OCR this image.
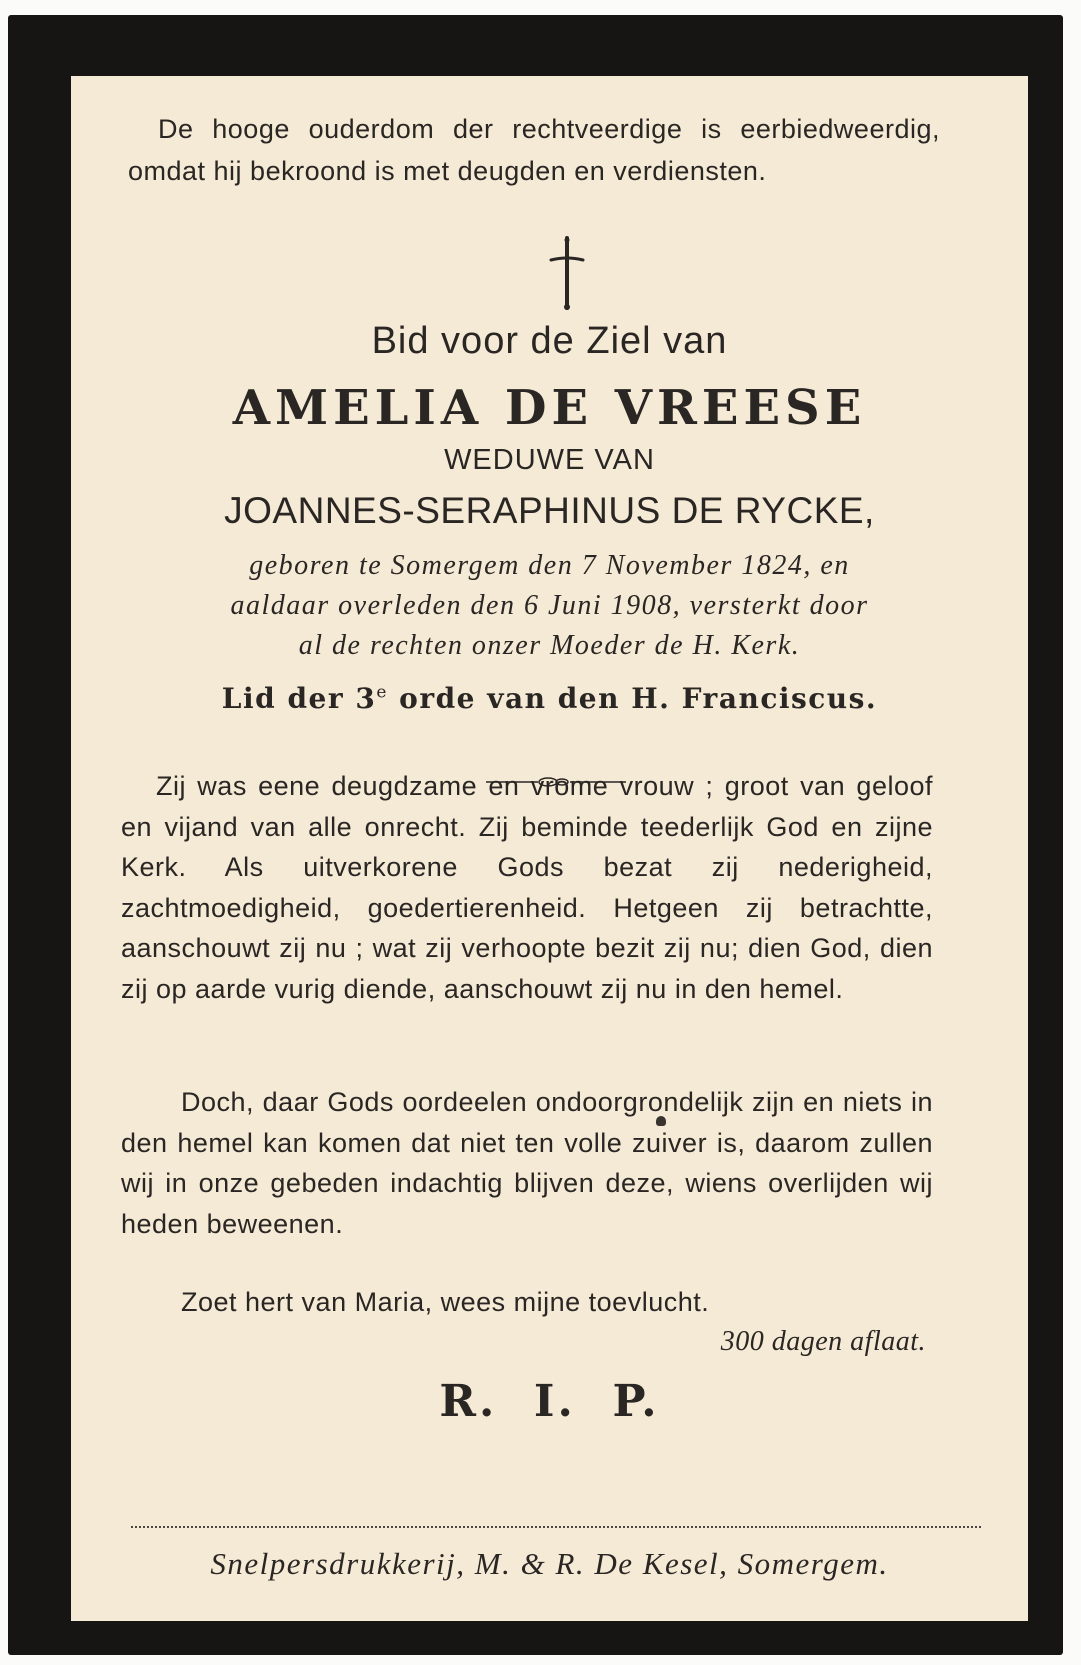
De hooge ouderdom der rechtveerdige is eerbiedweerdig, omdat hij bekroond is met deugden en verdiensten.

Bid voor de Ziel van

AMELIA DE VREESE

WEDUWE VAN

JOANNES-SERAPHINUS DE RYCKE,

geboren te Somergem den 7 November 1824, en

aaldaar overleden den 6 Juni 1908, versterkt door

al de rechten onzer Moeder de H. Kerk.

Lid der 3e orde van den H. Franciscus.

Zij was eene deugdzame en vrome vrouw ; groot van geloof en vijand van alle onrecht. Zij beminde teederlijk God en zijne Kerk. Als uitverkorene Gods bezat zij nederigheid, zachtmoedigheid, goedertierenheid. Hetgeen zij betrachtte, aanschouwt zij nu ; wat zij verhoopte bezit zij nu; dien God, dien zij op aarde vurig diende, aanschouwt zij nu in den hemel.

Doch, daar Gods oordeelen ondoorgrondelijk zijn en niets in den hemel kan komen dat niet ten volle zuiver is, daarom zullen wij in onze gebeden indachtig blijven deze, wiens overlijden wij heden beweenen.

Zoet hert van Maria, wees mijne toevlucht.

300 dagen aflaat.

R.  I.  P.

Snelpersdrukkerij, M. & R. De Kesel, Somergem.
